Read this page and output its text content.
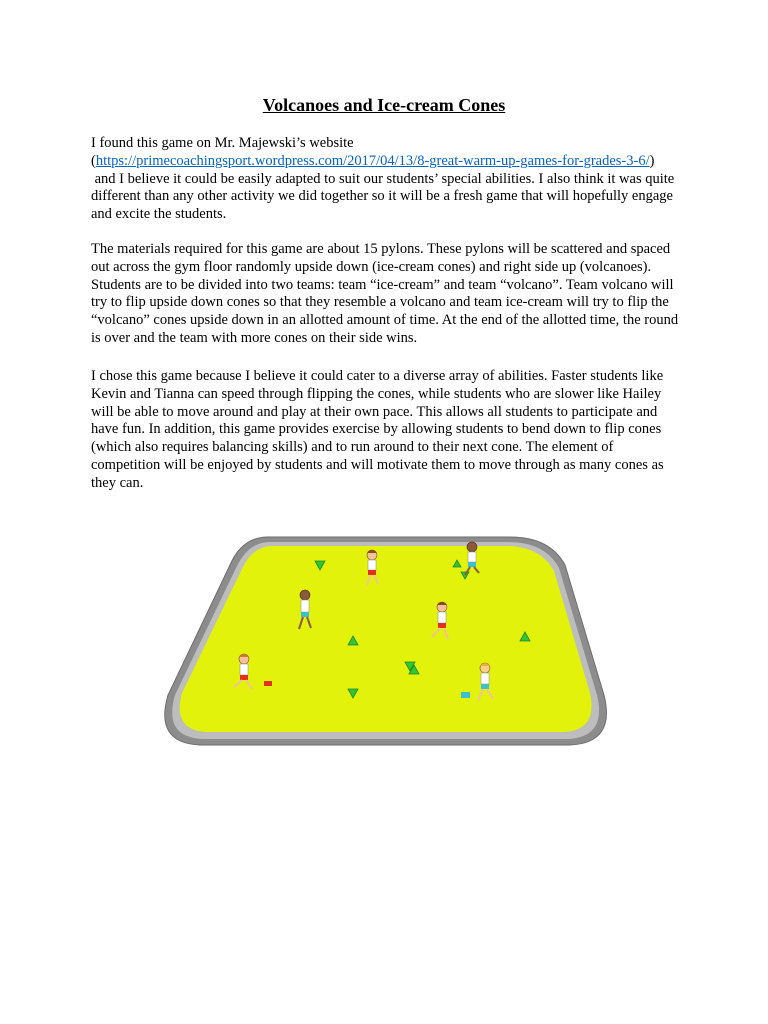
Volcanoes and Ice-cream Cones

I found this game on Mr. Majewski’s website
(https://primecoachingsport.wordpress.com/2017/04/13/8-great-warm-up-games-for-grades-3-6/)
and I believe it could be easily adapted to suit our students’ special abilities. I also think it was quite different than any other activity we did together so it will be a fresh game that will hopefully engage and excite the students.

The materials required for this game are about 15 pylons. These pylons will be scattered and spaced out across the gym floor randomly upside down (ice-cream cones) and right side up (volcanoes). Students are to be divided into two teams: team “ice-cream” and team “volcano”. Team volcano will try to flip upside down cones so that they resemble a volcano and team ice-cream will try to flip the “volcano” cones upside down in an allotted amount of time. At the end of the allotted time, the round is over and the team with more cones on their side wins.

I chose this game because I believe it could cater to a diverse array of abilities. Faster students like Kevin and Tianna can speed through flipping the cones, while students who are slower like Hailey will be able to move around and play at their own pace. This allows all students to participate and have fun. In addition, this game provides exercise by allowing students to bend down to flip cones (which also requires balancing skills) and to run around to their next cone. The element of competition will be enjoyed by students and will motivate them to move through as many cones as they can.
